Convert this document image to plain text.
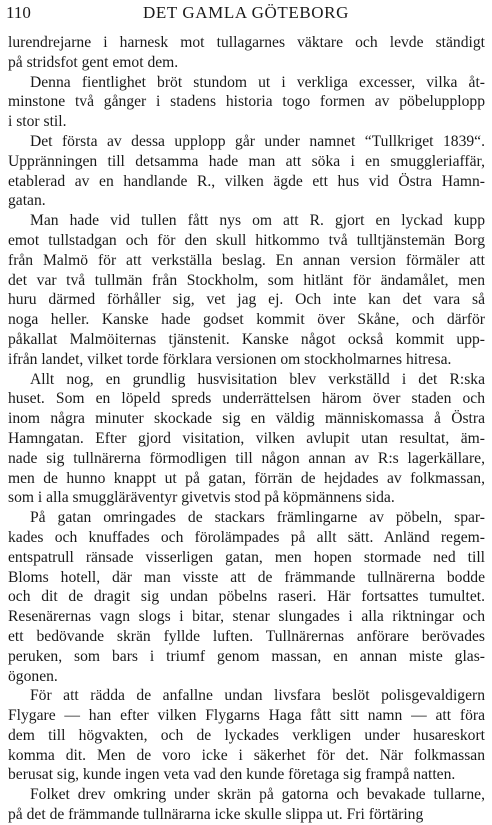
110	DET GAMLA GÖTEBORG
lurendrejarne i harnesk mot tullagarnes väktare och levde ständigt
på stridsfot gent emot dem.
Denna fientlighet bröt stundom ut i verkliga excesser, vilka åt-
minstone två gånger i stadens historia togo formen av pöbelupplopp
i stor stil.
Det första av dessa upplopp går under namnet “Tullkriget 1839“.
Uppränningen till detsamma hade man att söka i en smuggleriaffär,
etablerad av en handlande R., vilken ägde ett hus vid Östra Hamn-
gatan.
Man hade vid tullen fått nys om att R. gjort en lyckad kupp
emot tullstadgan och för den skull hitkommo två tulltjänstemän Borg
från Malmö för att verkställa beslag. En annan version förmäler att
det var två tullmän från Stockholm, som hitlänt för ändamålet, men
huru därmed förhåller sig, vet jag ej. Och inte kan det vara så
noga heller. Kanske hade godset kommit över Skåne, och därför
påkallat Malmöiternas tjänstenit. Kanske något också kommit upp-
ifrån landet, vilket torde förklara versionen om stockholmarnes hitresa.
Allt nog, en grundlig husvisitation blev verkställd i det R:ska
huset. Som en löpeld spreds underrättelsen härom över staden och
inom några minuter skockade sig en väldig människomassa å Östra
Hamngatan. Efter gjord visitation, vilken avlupit utan resultat, äm-
nade sig tullnärerna förmodligen till någon annan av R:s lagerkällare,
men de hunno knappt ut på gatan, förrän de hejdades av folkmassan,
som i alla smuggläräventyr givetvis stod på köpmännens sida.
På gatan omringades de stackars främlingarne av pöbeln, spar-
kades och knuffades och förolämpades på allt sätt. Anländ regem-
entspatrull ränsade visserligen gatan, men hopen stormade ned till
Bloms hotell, där man visste att de främmande tullnärerna bodde
och dit de dragit sig undan pöbelns raseri. Här fortsattes tumultet.
Resenärernas vagn slogs i bitar, stenar slungades i alla riktningar och
ett bedövande skrän fyllde luften. Tullnärernas anförare berövades
peruken, som bars i triumf genom massan, en annan miste glas-
ögonen.
För att rädda de anfallne undan livsfara beslöt polisgevaldigern
Flygare — han efter vilken Flygarns Haga fått sitt namn — att föra
dem till högvakten, och de lyckades verkligen under husareskort
komma dit. Men de voro icke i säkerhet för det. När folkmassan
berusat sig, kunde ingen veta vad den kunde företaga sig frampå natten.
Folket drev omkring under skrän på gatorna och bevakade tullarne,
på det de främmande tullnärarna icke skulle slippa ut. Fri förtäring
